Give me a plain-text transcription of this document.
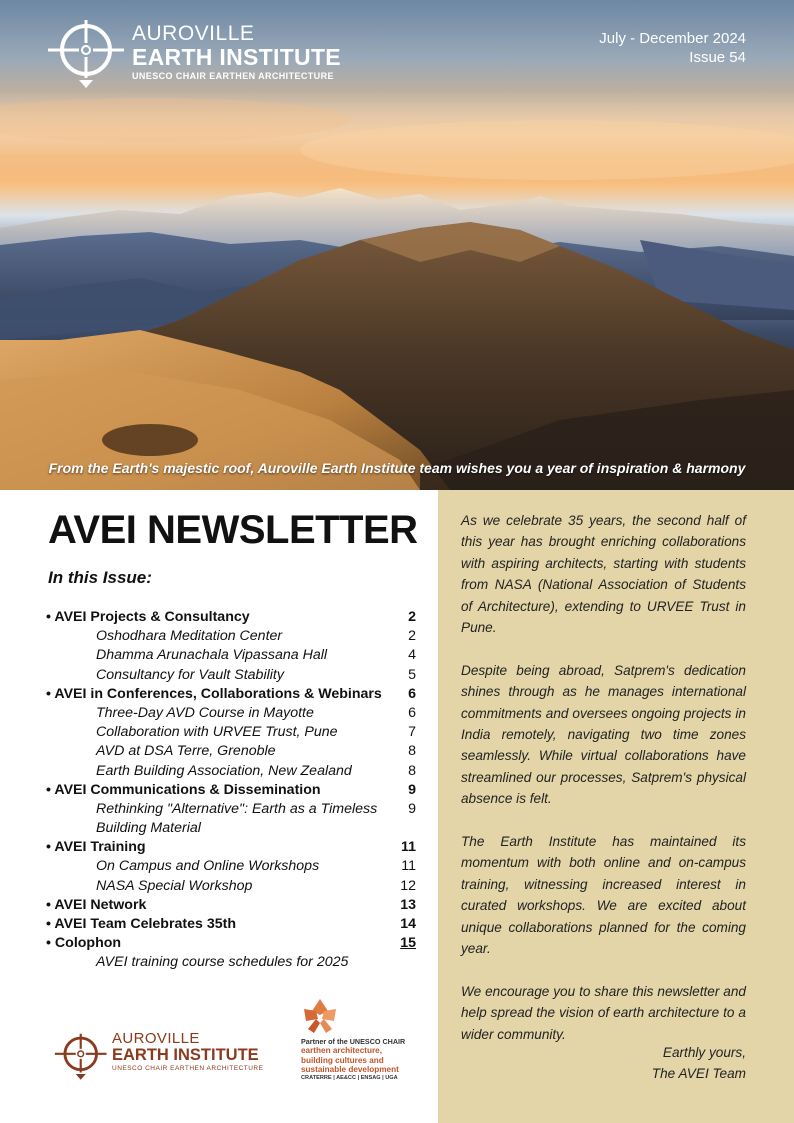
AUROVILLE
EARTH INSTITUTE
UNESCO CHAIR EARTHEN ARCHITECTURE
July - December 2024
Issue 54
From the Earth's majestic roof, Auroville Earth Institute team wishes you a year of inspiration & harmony
AVEI NEWSLETTER
In this Issue:
• AVEI Projects & Consultancy	2
Oshodhara Meditation Center	2
Dhamma Arunachala Vipassana Hall	4
Consultancy for Vault Stability	5
• AVEI in Conferences, Collaborations & Webinars 6
Three-Day AVD Course in Mayotte	6
Collaboration with URVEE Trust, Pune	7
AVD at DSA Terre, Grenoble	8
Earth Building Association, New Zealand	8
• AVEI Communications & Dissemination	9
Rethinking "Alternative": Earth as a Timeless 9
Building Material
• AVEI Training	11
On Campus and Online Workshops	11
NASA Special Workshop	12
• AVEI Network	13
• AVEI Team Celebrates 35th	14
• Colophon	15
AVEI training course schedules for 2025
AUROVILLE
EARTH INSTITUTE
UNESCO CHAIR EARTHEN ARCHITECTURE
Partner of the UNESCO CHAIR
earthen architecture,
building cultures and
sustainable development
CRATERRE | AE&CC | ENSAG | UGA

As we celebrate 35 years, the second half of this year has brought enriching collaborations with aspiring architects, starting with students from NASA (National Association of Students of Architecture), extending to URVEE Trust in Pune.

Despite being abroad, Satprem's dedication shines through as he manages international commitments and oversees ongoing projects in India remotely, navigating two time zones seamlessly. While virtual collaborations have streamlined our processes, Satprem's physical absence is felt.

The Earth Institute has maintained its momentum with both online and on-campus training, witnessing increased interest in curated workshops. We are excited about unique collaborations planned for the coming year.

We encourage you to share this newsletter and help spread the vision of earth architecture to a wider community.

Earthly yours,
The AVEI Team
